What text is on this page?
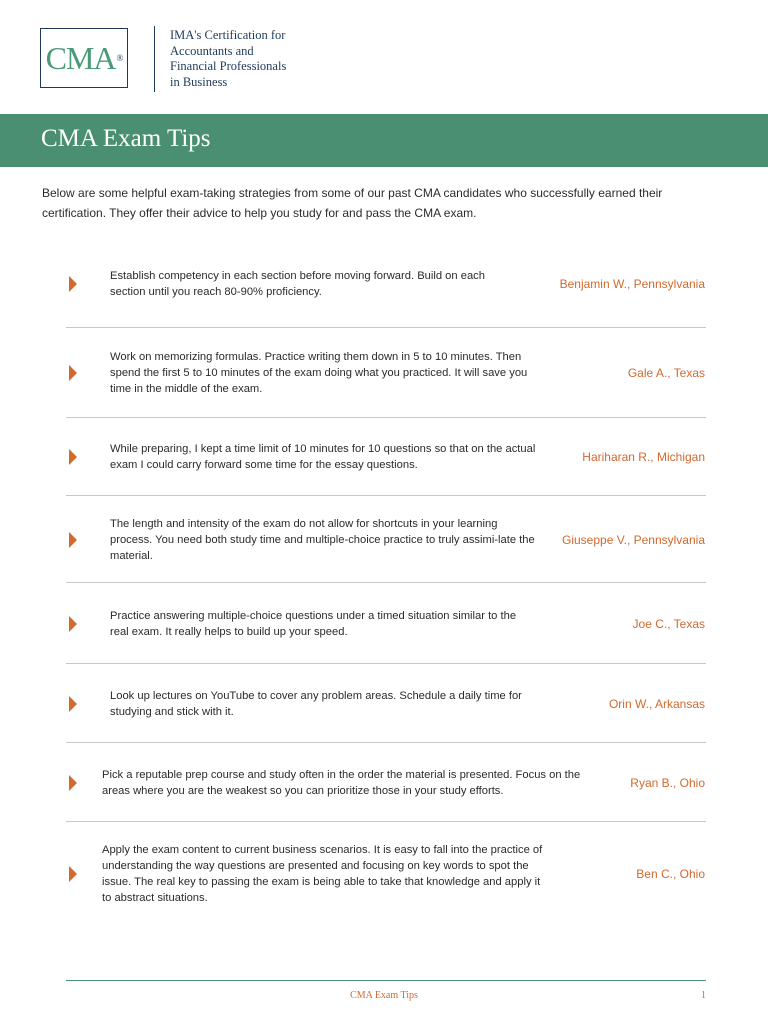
CMA ®
IMA's Certification for
Accountants and
Financial Professionals
in Business
CMA Exam Tips
Below are some helpful exam-taking strategies from some of our past CMA candidates who successfully earned their certification. They offer their advice to help you study for and pass the CMA exam.
Establish competency in each section before moving forward. Build on each section until you reach 80-90% proficiency.
Benjamin W., Pennsylvania
Work on memorizing formulas. Practice writing them down in 5 to 10 minutes. Then spend the first 5 to 10 minutes of the exam doing what you practiced. It will save you time in the middle of the exam.
Gale A., Texas
While preparing, I kept a time limit of 10 minutes for 10 questions so that on the actual exam I could carry forward some time for the essay questions.
Hariharan R., Michigan
The length and intensity of the exam do not allow for shortcuts in your learning process. You need both study time and multiple-choice practice to truly assimi-late the material.
Giuseppe V., Pennsylvania
Practice answering multiple-choice questions under a timed situation similar to the real exam. It really helps to build up your speed.
Joe C., Texas
Look up lectures on YouTube to cover any problem areas. Schedule a daily time for studying and stick with it.
Orin W., Arkansas
Pick a reputable prep course and study often in the order the material is presented. Focus on the areas where you are the weakest so you can prioritize those in your study efforts.
Ryan B., Ohio
Apply the exam content to current business scenarios. It is easy to fall into the practice of understanding the way questions are presented and focusing on key words to spot the issue. The real key to passing the exam is being able to take that knowledge and apply it to abstract situations.
Ben C., Ohio
CMA Exam Tips	1
